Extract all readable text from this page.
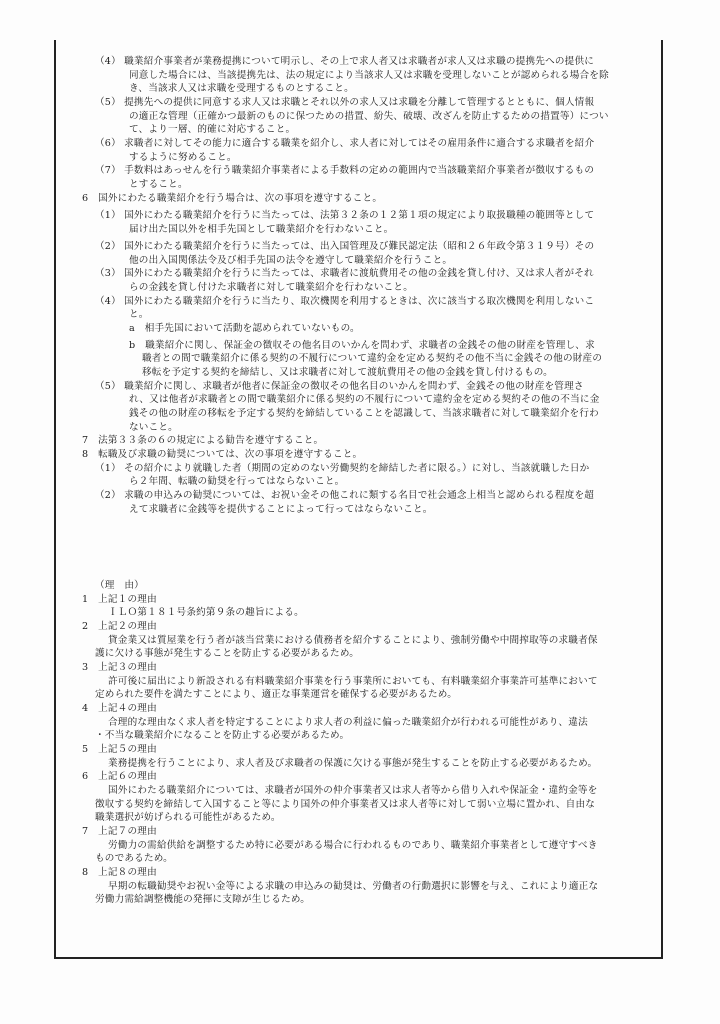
（4） 職業紹介事業者が業務提携について明示し、その上で求人者又は求職者が求人又は求職の提携先への提供に
同意した場合には、当該提携先は、法の規定により当該求人又は求職を受理しないことが認められる場合を除
き、当該求人又は求職を受理するものとすること。
（5） 提携先への提供に同意する求人又は求職とそれ以外の求人又は求職を分離して管理するとともに、個人情報
の適正な管理（正確かつ最新のものに保つための措置、紛失、破壊、改ざんを防止するための措置等）につい
て、より一層、的確に対応すること。
（6） 求職者に対してその能力に適合する職業を紹介し、求人者に対してはその雇用条件に適合する求職者を紹介
するように努めること。
（7） 手数料はあっせんを行う職業紹介事業者による手数料の定めの範囲内で当該職業紹介事業者が徴収するもの
とすること。
6　国外にわたる職業紹介を行う場合は、次の事項を遵守すること。
（1） 国外にわたる職業紹介を行うに当たっては、法第３２条の１２第１項の規定により取扱職種の範囲等として
届け出た国以外を相手先国として職業紹介を行わないこと。
（2） 国外にわたる職業紹介を行うに当たっては、出入国管理及び難民認定法（昭和２６年政令第３１９号）その
他の出入国関係法令及び相手先国の法令を遵守して職業紹介を行うこと。
（3） 国外にわたる職業紹介を行うに当たっては、求職者に渡航費用その他の金銭を貸し付け、又は求人者がそれ
らの金銭を貸し付けた求職者に対して職業紹介を行わないこと。
（4） 国外にわたる職業紹介を行うに当たり、取次機関を利用するときは、次に該当する取次機関を利用しないこ
と。
a　相手先国において活動を認められていないもの。
b　職業紹介に関し、保証金の徴収その他名目のいかんを問わず、求職者の金銭その他の財産を管理し、求
職者との間で職業紹介に係る契約の不履行について違約金を定める契約その他不当に金銭その他の財産の
移転を予定する契約を締結し、又は求職者に対して渡航費用その他の金銭を貸し付けるもの。
（5） 職業紹介に関し、求職者が他者に保証金の徴収その他名目のいかんを問わず、金銭その他の財産を管理さ
れ、又は他者が求職者との間で職業紹介に係る契約の不履行について違約金を定める契約その他の不当に金
銭その他の財産の移転を予定する契約を締結していることを認識して、当該求職者に対して職業紹介を行わ
ないこと。
7　法第３３条の６の規定による勧告を遵守すること。
8　転職及び求職の勧奨については、次の事項を遵守すること。
（1） その紹介により就職した者（期間の定めのない労働契約を締結した者に限る。）に対し、当該就職した日か
ら２年間、転職の勧奨を行ってはならないこと。
（2） 求職の申込みの勧奨については、お祝い金その他これに類する名目で社会通念上相当と認められる程度を超
えて求職者に金銭等を提供することによって行ってはならないこと。
（理　由）
1　上記１の理由
ＩＬＯ第１８１号条約第９条の趣旨による。
2　上記２の理由
貸金業又は質屋業を行う者が該当営業における債務者を紹介することにより、強制労働や中間搾取等の求職者保
護に欠ける事態が発生することを防止する必要があるため。
3　上記３の理由
許可後に届出により新設される有料職業紹介事業を行う事業所においても、有料職業紹介事業許可基準において
定められた要件を満たすことにより、適正な事業運営を確保する必要があるため。
4　上記４の理由
合理的な理由なく求人者を特定することにより求人者の利益に偏った職業紹介が行われる可能性があり、違法
・不当な職業紹介になることを防止する必要があるため。
5　上記５の理由
業務提携を行うことにより、求人者及び求職者の保護に欠ける事態が発生することを防止する必要があるため。
6　上記６の理由
国外にわたる職業紹介については、求職者が国外の仲介事業者又は求人者等から借り入れや保証金・違約金等を
徴収する契約を締結して入国すること等により国外の仲介事業者又は求人者等に対して弱い立場に置かれ、自由な
職業選択が妨げられる可能性があるため。
7　上記７の理由
労働力の需給供給を調整するため特に必要がある場合に行われるものであり、職業紹介事業者として遵守すべき
ものであるため。
8　上記８の理由
早期の転職勧奨やお祝い金等による求職の申込みの勧奨は、労働者の行動選択に影響を与え、これにより適正な
労働力需給調整機能の発揮に支障が生じるため。
